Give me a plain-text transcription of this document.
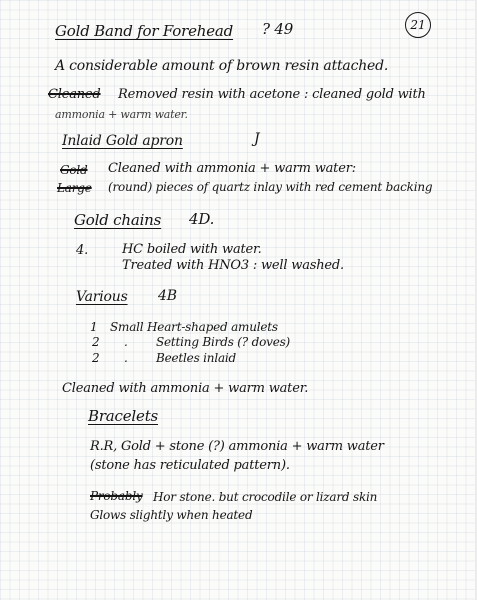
21
Gold Band for Forehead ? 49
A considerable amount of brown resin attached.
Cleaned Removed resin with acetone : cleaned gold with
ammonia + warm water.
Inlaid Gold apron	J
Gold Cleaned with ammonia + warm water:
Large (round) pieces of quartz inlay with red cement backing
Gold chains 4D.
4.	HC boiled with water.
Treated with HNO3 : well washed.
Various 4B
1 Small Heart-shaped amulets
2 . Setting Birds (? doves)
2 . Beetles inlaid
Cleaned with ammonia + warm water.
Bracelets
R.R, Gold + stone (?) ammonia + warm water
(stone has reticulated pattern).
Probably Hor stone. but crocodile or lizard skin
Glows slightly when heated
